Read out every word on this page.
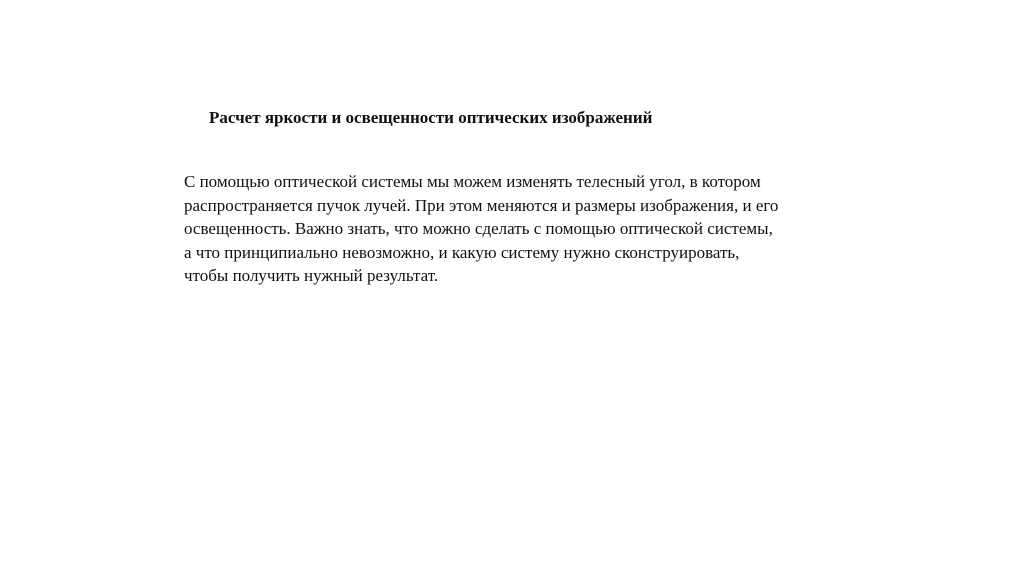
Расчет яркости и освещенности оптических изображений

С помощью оптической системы мы можем изменять телесный угол, в котором
распространяется пучок лучей. При этом меняются и размеры изображения, и его
освещенность. Важно знать, что можно сделать с помощью оптической системы,
а что принципиально невозможно, и какую систему нужно сконструировать,
чтобы получить нужный результат.
